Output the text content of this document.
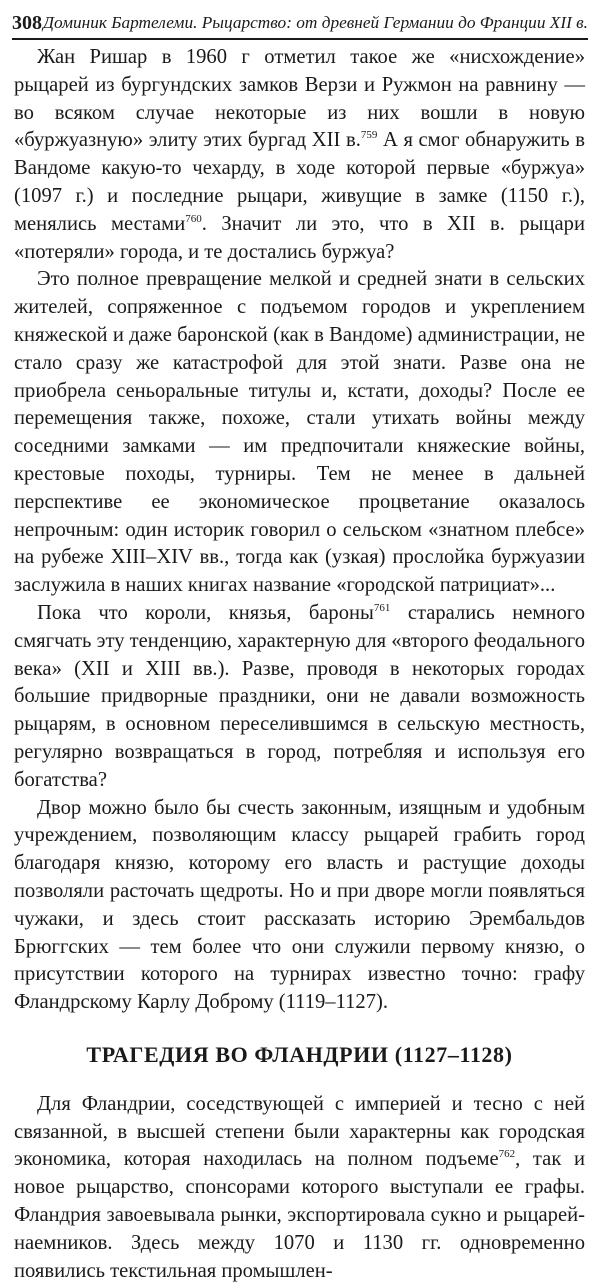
308 Доминик Бартелеми. Рыцарство: от древней Германии до Франции XII в.

Жан Ришар в 1960 г отметил такое же «нисхождение» рыцарей из бургундских замков Верзи и Ружмон на равнину — во всяком случае некоторые из них вошли в новую «буржуазную» элиту этих бургад XII в.$^{759}$ А я смог обнаружить в Вандоме какую-то чехарду, в ходе которой первые «буржуа» (1097 г.) и последние рыцари, живущие в замке (1150 г.), менялись местами$^{760}$. Значит ли это, что в XII в. рыцари «потеряли» города, и те достались буржуа?

Это полное превращение мелкой и средней знати в сельских жителей, сопряженное с подъемом городов и укреплением княжеской и даже баронской (как в Вандоме) администрации, не стало сразу же катастрофой для этой знати. Разве она не приобрела сеньоральные титулы и, кстати, доходы? После ее перемещения также, похоже, стали утихать войны между соседними замками — им предпочитали княжеские войны, крестовые походы, турниры. Тем не менее в дальней перспективе ее экономическое процветание оказалось непрочным: один историк говорил о сельском «знатном плебсе» на рубеже XIII–XIV вв., тогда как (узкая) прослойка буржуазии заслужила в наших книгах название «городской патрициат»...

Пока что короли, князья, бароны$^{761}$ старались немного смягчать эту тенденцию, характерную для «второго феодального века» (XII и XIII вв.). Разве, проводя в некоторых городах большие придворные праздники, они не давали возможность рыцарям, в основном переселившимся в сельскую местность, регулярно возвращаться в город, потребляя и используя его богатства?

Двор можно было бы счесть законным, изящным и удобным учреждением, позволяющим классу рыцарей грабить город благодаря князю, которому его власть и растущие доходы позволяли расточать щедроты. Но и при дворе могли появляться чужаки, и здесь стоит рассказать историю Эрембальдов Брюггских — тем более что они служили первому князю, о присутствии которого на турнирах известно точно: графу Фландрскому Карлу Доброму (1119–1127).

ТРАГЕДИЯ ВО ФЛАНДРИИ (1127–1128)

Для Фландрии, соседствующей с империей и тесно с ней связанной, в высшей степени были характерны как городская экономика, которая находилась на полном подъеме$^{762}$, так и новое рыцарство, спонсорами которого выступали ее графы. Фландрия завоевывала рынки, экспортировала сукно и рыцарей-наемников. Здесь между 1070 и 1130 гг. одновременно появились текстильная промышлен-
